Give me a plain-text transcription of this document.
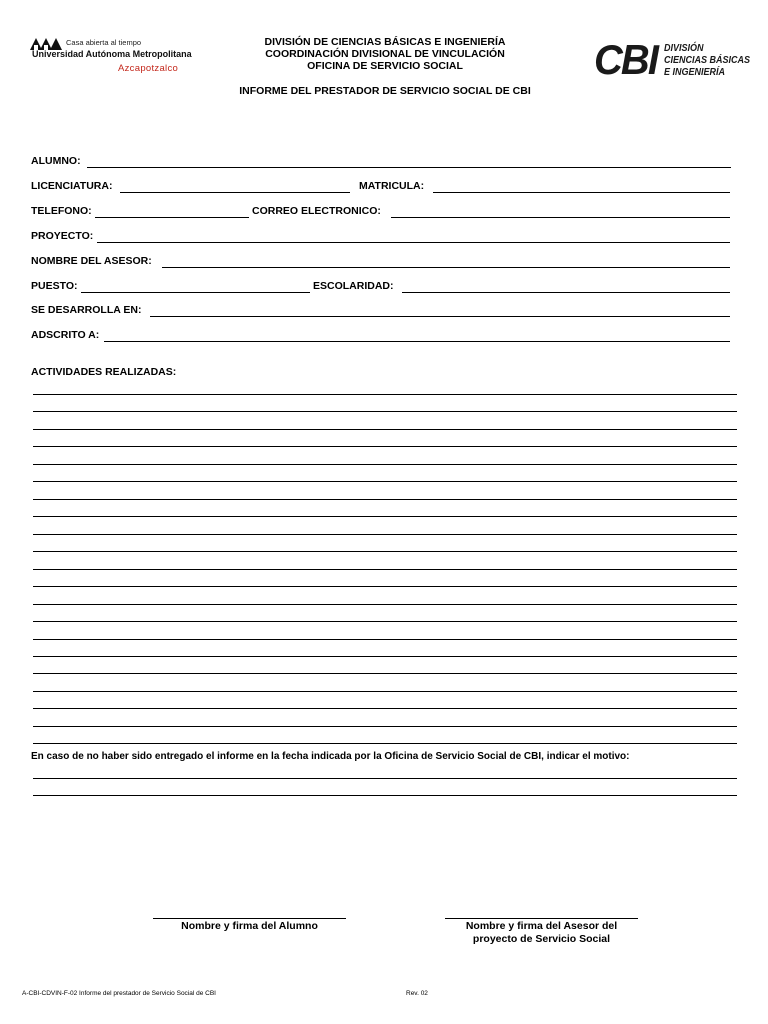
Casa abierta al tiempo
Universidad Autónoma Metropolitana
Azcapotzalco
DIVISIÓN DE CIENCIAS BÁSICAS E INGENIERÍA
COORDINACIÓN DIVISIONAL DE VINCULACIÓN
OFICINA DE SERVICIO SOCIAL
INFORME DEL PRESTADOR DE SERVICIO SOCIAL DE CBI
CBI DIVISIÓN
CIENCIAS BÁSICAS
E INGENIERÍA
ALUMNO:
LICENCIATURA:	MATRICULA:
TELEFONO:	CORREO ELECTRONICO:
PROYECTO:
NOMBRE DEL ASESOR:
PUESTO:	ESCOLARIDAD:
SE DESARROLLA EN:
ADSCRITO A:
ACTIVIDADES REALIZADAS:
En caso de no haber sido entregado el informe en la fecha indicada por la Oficina de Servicio Social de CBI, indicar el motivo:
Nombre y firma del Alumno	Nombre y firma del Asesor del
proyecto de Servicio Social
A-CBI-CDVIN-F-02 Informe del prestador de Servicio Social de CBI	Rev. 02
